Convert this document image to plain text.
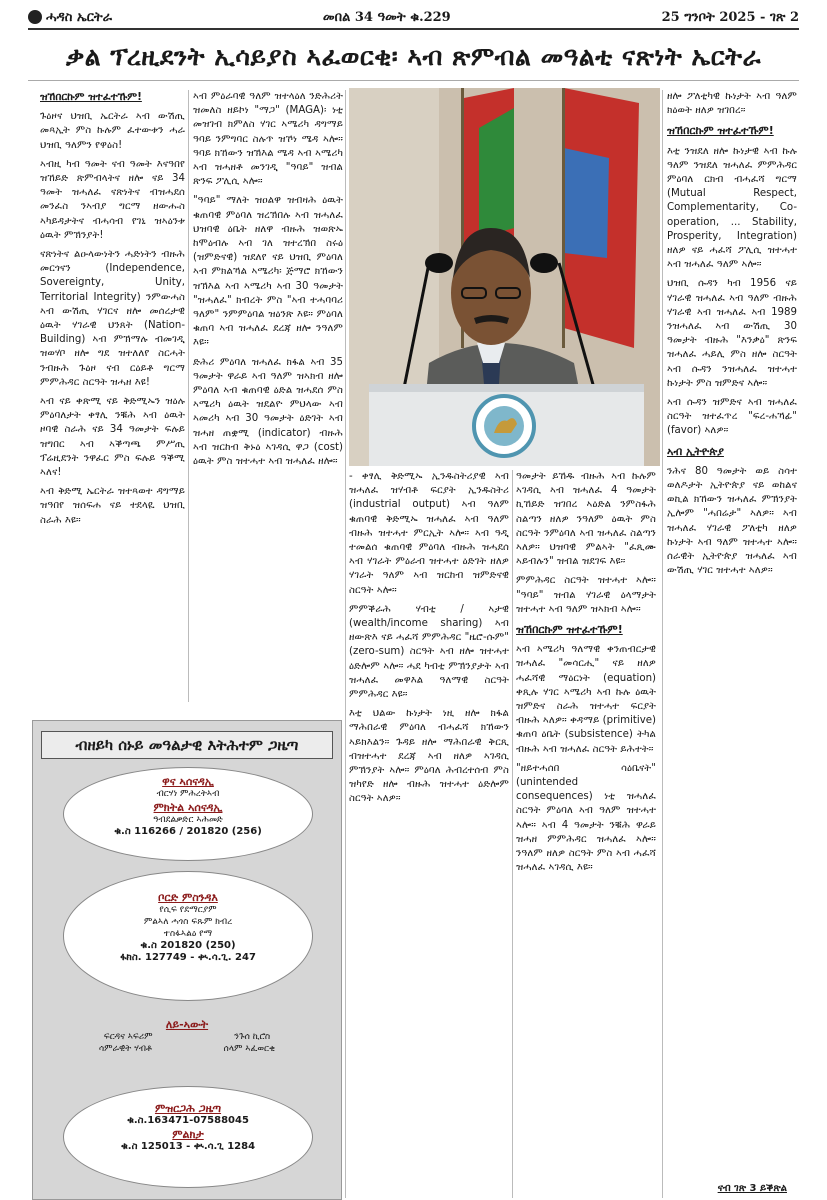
ሓዳስ ኤርትራ	መበል 34 ዓመት ቁ.229	25 ግንቦት 2025 - ገጽ 2
ቃል ፕረዚደንት ኢሳይያስ ኣፈወርቂ፡ ኣብ ጽምብል መዓልቲ ናጽነት ኤርትራ
ዝኸበርኩም ዝተፈተኹም!

ጉዕዞና ህዝቢ ኤርትራ ኣብ ውሽጢ መጻኢት ምስ ኩሉም ፈተውቱን ሓራ ህዝቢ ዓለምን የዋዕስ!

ኣብዚ ካብ ዓመት ናብ ዓመት እናዓበየ ዝኸይድ ጽምብላትና ዘሎ ናይ 34 ዓመት ዝሓለፈ ናጽነትና ብዝሓደሰ መንፈስ ንኣብያ ግርማ ዘውሑስ ኣካይዳታትና ብሓሳብ የገኒ ዝኣዕንቱ ዕዉት ምኽንያት!

ናጽነትና ልዑላውነትን ሓድነትን ብዙሕ መርጎናን (Independence, Sovereignty, Unity, Territorial Integrity) ንምውሓስ ኣብ ውሽጢ ሃገርና ዘሎ መሰረታዊ ዕዉት ሃገራዊ ህንጸት (Nation-Building) ኣብ ምኽማሉ ብመገዲ ዝወሃቦ ዘሎ ግደ ዝተለለየ ስርሓት ንብዙሕ ጉዕዞ ናብ ርዕይቶ ግርማ ምምሕዳር ስርዓት ዝሓዘ እዩ!

ኣብ ናይ ቀጽሚ ናይ ቅድሚኡን ዝዕሉ ምዕባለታት ቀፃሊ ንቑሕ ኣብ ዕዉት ዞባዊ ስራሕ ናይ 34 ዓመታት ፍሉይ ዝግበር ኣብ ኣቕጣጫ ምሥጢ ፕሬዚደንት ንዋፈር ምስ ፍሉይ ዓቕሚ ኣለና!

ኣብ ቅድሚ ኤርትራ ዝተጻወተ ዳግማይ ዝዓበየ ዝሰፍሐ ናይ ተደላዪ ህዝቢ ስራሕ እዩ።

ኣብ ምዕራባዊ ዓለም ዝተላዕለ ንድሕሪት ዝመለስ ዘይኮነ "ማጋ" (MAGA)፡ ነቲ መዝገብ ክምለስ ሃገር ኣሜሪካ ዳግማይ ዓባይ ንምግባር ስሉጥ ዝኾነ ሜዳ ኣሎ። ዓባይ ክኸውን ዝኽእል ሜዳ ኣብ ኣሜሪካ ኣብ ዝሓዘቶ መንገዲ "ዓባይ" ዝብል ጽንፍ ፖሊሲ ኣሎ።

"ዓባይ" ማለት ዝዐልዋ ዝብዛሕ ዕዉት ቁጠባዊ ምዕባለ ዝረኽበሉ ኣብ ዝሓለፈ ህዝባዊ ዕቤት ዘለዋ ብዙሕ ዝወጽኡ ከሞዕብሉ ኣብ ገለ ዝተረኽበ ስሩዕ (ዝምድናዊ) ዝደለየ ናይ ህዝቢ ምዕባለ ኣብ ምክልኻል ኣሜሪካ፡ ጅማሮ ክኸውን ዝኽእል ኣብ ኣሜሪካ ኣብ 30 ዓመታት "ዝሓለፈ" ክብረት ምስ "ኣብ ተሓባባሪ ዓለም" ንምምዕባል ዝዕንጽ እዩ። ምዕባለ ቁጠባ ኣብ ዝሓለፈ ደረጃ ዘሎ ንዓለም እዩ።

ድሕሪ ምዕባለ ዝሓለፈ ክፋል ኣብ 35 ዓመታት ዋራይ ኣብ ዓለም ዝኣክብ ዘሎ ምዕባለ ኣብ ቁጠባዊ ዕድል ዝሓደሰ ምስ ኣሜሪካ ዕዉት ዝደልዮ ምህላው ኣብ ኣመሪካ ኣብ 30 ዓመታት ዕድገት ኣብ ዝሓዘ ጠቋሚ (indicator) ብዙሕ ኣብ ዝርከብ ቅኑዕ ኣገዳሲ ዋጋ (cost) ዕዉት ምስ ዝተሓተ ኣብ ዝሓለፈ ዘሎ።

- ቀፃሊ ቅድሚኡ ኢንዱስትሪያዊ ኣብ ዝሓለፈ ዝሃብቶ ፍርያት ኢንዱስትሪ (industrial output) ኣብ ዓለም ቁጠባዊ ቅድሚኡ ዝሓለፈ ኣብ ዓለም ብዙሕ ዝተሓተ ምርኢት ኣሎ። ኣብ ዓዲ ተመልሰ ቁጠባዊ ምዕባለ ብዙሕ ዝሓደሰ ኣብ ሃገራት ምዕራብ ዝተሓተ ዕድገት ዘለዎ ሃገራት ዓለም ኣብ ዝርከብ ዝምድናዊ ስርዓት ኣሎ።

ምምቕራሕ ሃብቲ / ኣታዊ (wealth/income sharing) ኣብ ዘውጽእ ናይ ሓፈሻ ምምሕዳር "ዜሮ-ሱም" (zero-sum) ስርዓት ኣብ ዘሎ ዝተሓተ ዕድሎም ኣሎ። ሓደ ካብቲ ምኽንያታት ኣብ ዝሓለፈ መዋእል ዓለማዊ ስርዓት ምምሕዳር እዩ።

እቲ ህልው ኩነታት ነዚ ዘሎ ክፋል ማሕበራዊ ምዕባለ ብሓፈሻ ክኸውን ኣይክእልን። ጉዳይ ዘሎ ማሕበራዊ ቅርጺ ብዝተሓተ ደረጃ ኣብ ዘለዎ ኣገዳሲ ምኽንያት ኣሎ። ምዕባለ ሕብረተሰብ ምስ ዝካየድ ዘሎ ብዙሕ ዝተሓተ ዕድሎም ስርዓት ኣለዎ።

ዓመታት ይኸዱ ብዙሕ ኣብ ኩሉም ኣገዳሲ ኣብ ዝሓለፈ 4 ዓመታት ኪኸይድ ዝገበረ ኣዕድል ንምስፋሕ ስልጣን ዘለዎ ንዓለም ዕዉት ምስ ስርዓት ንምዕባለ ኣብ ዝሓለፈ ስልጣን ኣለዎ። ህዝባዊ ምልኣት "ፈጺሙ ኣይብሉን" ዝብል ዝደገፍ እዩ።

ምምሕዳር ስርዓት ዝተሓተ ኣሎ። "ዓባይ" ዝብል ሃገራዊ ዕላማታት ዝተሓተ ኣብ ዓለም ዝኣክብ ኣሎ።

ዝኸበርኩም ዝተፈተኹም!

ኣብ ኣሜሪካ ዓለማዊ ቀንጠብርታዊ ዝሓለፈ "መሳርሒ" ናይ ዘለዎ ሓፈሻዊ ማዕርነት (equation) ቀጺሉ ሃገር ኣሜሪካ ኣብ ኩሉ ዕዉት ዝምድና ስራሕ ዝተሓተ ፍርያት ብዙሕ ኣለዎ። ቀዳማይ (primitive) ቁጠባ ዕቤት (subsistence) ትካል ብዙሕ ኣብ ዝሓለፈ ስርዓት ይሕተት።

"ዘይተሓሰበ ሳዕቤናት" (unintended consequences) ነቲ ዝሓለፈ ስርዓት ምዕባለ ኣብ ዓለም ዝተሓተ ኣሎ። ኣብ 4 ዓመታት ንቑሕ ዋራይ ዝሓዘ ምምሕዳር ዝሓለፈ ኣሎ። ንዓለም ዘለዎ ስርዓት ምስ ኣብ ሓፈሻ ዝሓለፈ ኣገዳሲ እዩ።

ዘሎ ፖለቲካዊ ኩነታት ኣብ ዓለም ክዕወት ዘለዎ ዝገበረ።

ዝኸበርኩም ዝተፈተኹም!

እቲ ንዝደለ ዘሎ ኩነታዊ ኣብ ኩሉ ዓለም ንዝደለ ዝሓለፈ ምምሕዳር ምዕባለ ርክብ ብሓፈሻ ግርማ (Mutual Respect, Complementarity, Co-operation, ... Stability, Prosperity, Integration) ዘለዎ ናይ ሓፈሻ ፖሊሲ ዝተሓተ ኣብ ዝሓለፈ ዓለም ኣሎ።

ህዝቢ ሱዳን ካብ 1956 ናይ ሃገራዊ ዝሓለፈ ኣብ ዓለም ብዙሕ ሃገራዊ ኣብ ዝሓለፈ ኣብ 1989 ንዝሓለፈ ኣብ ውሽጢ 30 ዓመታት ብዙሕ "እንቃዕ" ጽንፍ ዝሓለፈ ሓይሊ ምስ ዘሎ ስርዓት ኣብ ሱዳን ንዝሓለፈ ዝተሓተ ኩነታት ምስ ዝምድና ኣሎ።

ኣብ ሱዳን ዝምድና ኣብ ዝሓለፈ ስርዓት ዝተፈጥረ "ፍረ-ሐኻፊ" (favor) ኣለዎ።

ኣብ ኢትዮጵያ

ንሕና 80 ዓመታት ወይ ስሳተ ወለዶታት ኢትዮጵያ ናይ ወከልና ወኪል ክኸውን ዝሓለፈ ምኽንያት ኢሎም "ሓበሬታ" ኣለዎ። ኣብ ዝሓለፈ ሃገራዊ ፖለቲካ ዘለዎ ኩነታት ኣብ ዓለም ዝተሓተ ኣሎ። ሰራዊት ኢትዮጵያ ዝሓለፈ ኣብ ውሽጢ ሃገር ዝተሓተ ኣለዎ።

ናብ ገጽ 3 ይቕጽል
ብዘይካ ሰኑይ መዓልታዊ እትሕተም ጋዜጣ
ዋና ኣሰናዳኢ
ብርሃነ ምሕረትኣብ
ምክትል ኣሰናዳኢ
ዓብደልቃድር ኣሕመድ
ቁ.ስ 116266 / 201820 (256)
ቦርድ ምስንዳእ
የሲፍ የደማርያም
ምልኣለ ሓጎስ ፍጹም ክብረ
ተስፋኣልዕ የማ
ቁ.ስ 201820 (250)
ፋክስ. 127749 - ቊ.ሳ.ጊ. 247
ለይ-ኣውት
ፍርዳና ኣፍሪም	ንጉሰ ኪሮስ
ሳምራዊት ሃብቶ	ሰላም ኣፈወርቂ
ምዝርጋሕ ጋዜጣ
ቁ.ስ.163471-07588045
ምልክታ
ቁ.ስ 125013 - ቊ.ሳ.ጊ 1284
